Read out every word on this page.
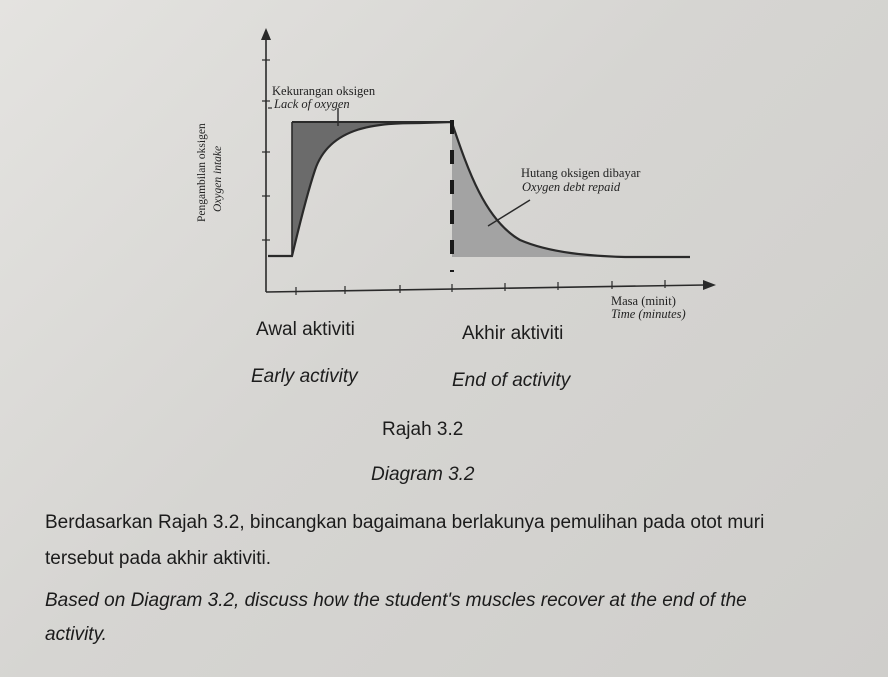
Kekurangan oksigen
Lack of oxygen
Hutang oksigen dibayar
Oxygen debt repaid
Masa (minit)
Time (minutes)
Pengambilan oksigen Oxygen intake
Awal aktiviti	Akhir aktiviti
Early activity	End of activity
Rajah 3.2
Diagram 3.2
Berdasarkan Rajah 3.2, bincangkan bagaimana berlakunya pemulihan pada otot muri
tersebut pada akhir aktiviti.
Based on Diagram 3.2, discuss how the student's muscles recover at the end of the
activity.
